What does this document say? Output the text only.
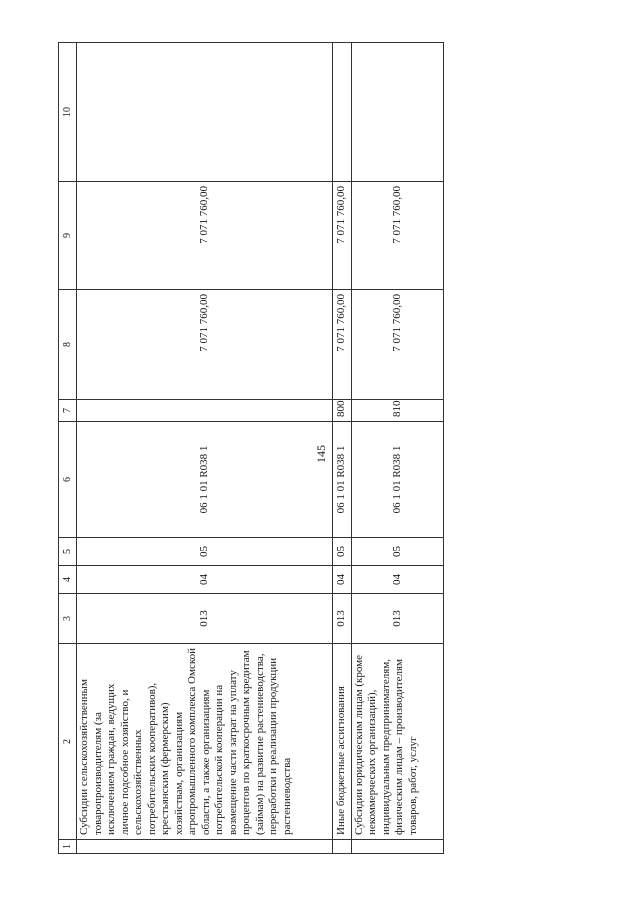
145
1	2	3	4	5	6	7	8	9	10
	Субсидии сельскохозяйственным товаропроизводителям (за исключением граждан, ведущих личное подсобное хозяйство, и сельскохозяйственных потребительских кооперативов), крестьянским (фермерским) хозяйствам, организациям агропромышленного комплекса Омской области, а также организациям потребительской кооперации на возмещение части затрат на уплату процентов по краткосрочным кредитам (займам) на развитие растениеводства, переработки и реализации продукции растениеводства	013	04	05	06 1 01 R038 1		7 071 760,00	7 071 760,00	
	Иные бюджетные ассигнования	013	04	05	06 1 01 R038 1	800	7 071 760,00	7 071 760,00	
	Субсидии юридическим лицам (кроме некоммерческих организаций), индивидуальным предпринимателям, физическим лицам – производителям товаров, работ, услуг	013	04	05	06 1 01 R038 1	810	7 071 760,00	7 071 760,00	
